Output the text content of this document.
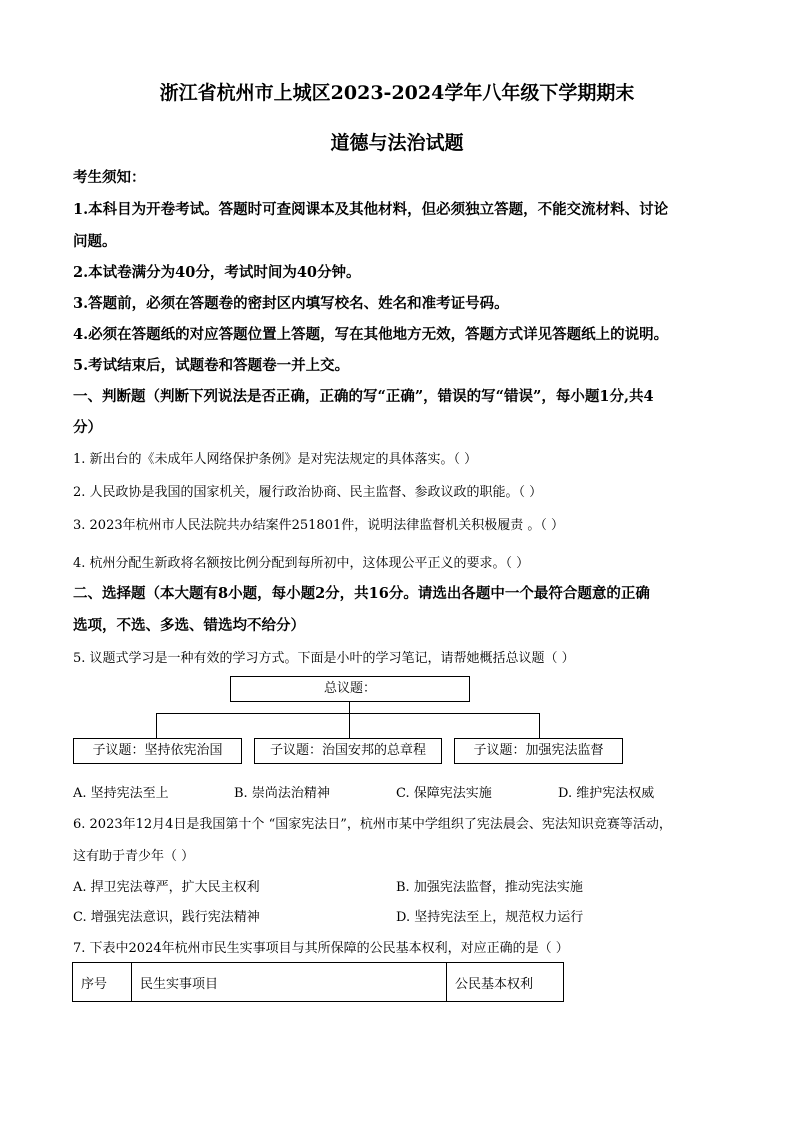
浙江省杭州市上城区2023-2024学年八年级下学期期末
道德与法治试题
考生须知：
1.本科目为开卷考试。答题时可查阅课本及其他材料，但必须独立答题，不能交流材料、讨论
问题。
2.本试卷满分为40分，考试时间为40分钟。
3.答题前，必须在答题卷的密封区内填写校名、姓名和准考证号码。
4.必须在答题纸的对应答题位置上答题，写在其他地方无效，答题方式详见答题纸上的说明。
5.考试结束后，试题卷和答题卷一并上交。
一、判断题（判断下列说法是否正确，正确的写“正确”，错误的写“错误”，每小题1分,共4
分）
1. 新出台的《未成年人网络保护条例》是对宪法规定的具体落实。（ ）
2. 人民政协是我国的国家机关，履行政治协商、民主监督、参政议政的职能。（ ）
3. 2023年杭州市人民法院共办结案件251801件，说明法律监督机关积极履责 。（ ）
4. 杭州分配生新政将名额按比例分配到每所初中，这体现公平正义的要求。（ ）
二、选择题（本大题有8小题，每小题2分，共16分。请选出各题中一个最符合题意的正确
选项，不选、多选、错选均不给分）
5. 议题式学习是一种有效的学习方式。下面是小叶的学习笔记，请帮她概括总议题（ ）
总议题：
子议题：坚持依宪治国	子议题：治国安邦的总章程	子议题：加强宪法监督
A. 坚持宪法至上	B. 崇尚法治精神	C. 保障宪法实施	D. 维护宪法权威
6. 2023年12月4日是我国第十个 “国家宪法日”，杭州市某中学组织了宪法晨会、宪法知识竞赛等活动，
这有助于青少年（ ）
A. 捍卫宪法尊严，扩大民主权利	B. 加强宪法监督，推动宪法实施
C. 增强宪法意识，践行宪法精神	D. 坚持宪法至上，规范权力运行
7. 下表中2024年杭州市民生实事项目与其所保障的公民基本权利，对应正确的是（ ）
序号	民生实事项目	公民基本权利
